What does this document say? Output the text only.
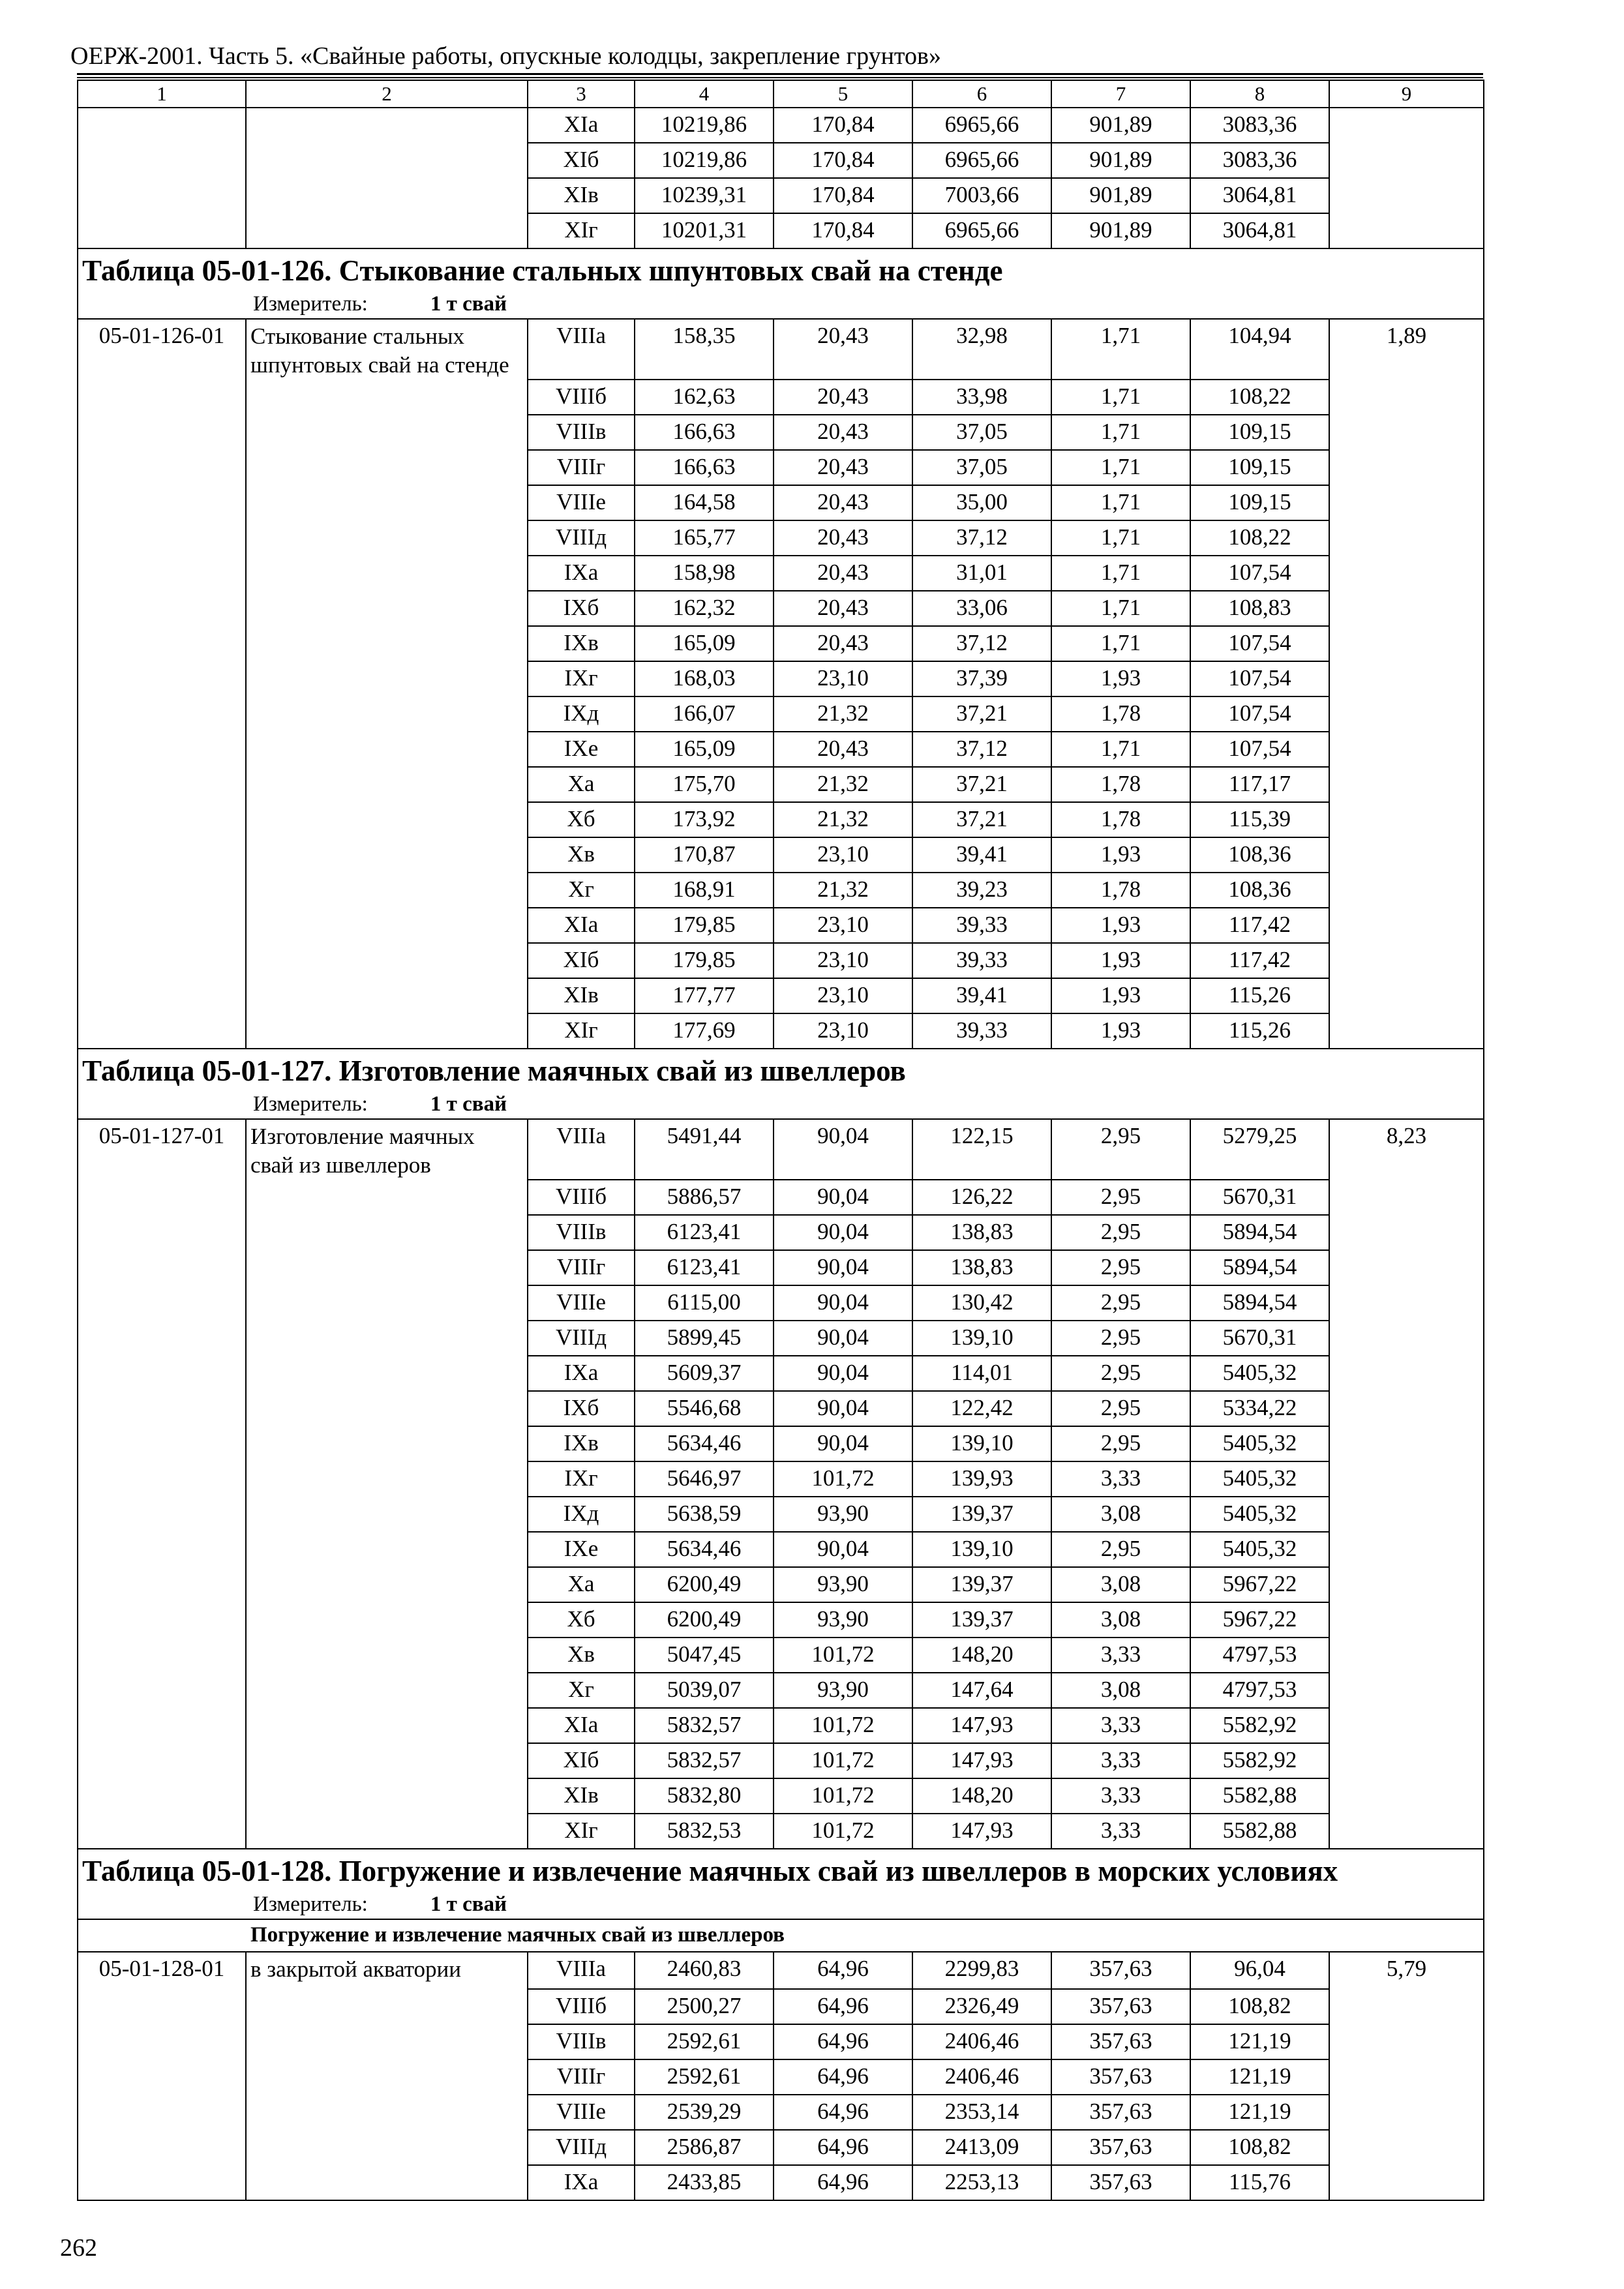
ОЕРЖ-2001. Часть 5. «Свайные работы, опускные колодцы, закрепление грунтов»
1	2	3	4	5	6	7	8	9
		XIа	10219,86	170,84	6965,66	901,89	3083,36	
		XIб	10219,86	170,84	6965,66	901,89	3083,36	
		XIв	10239,31	170,84	7003,66	901,89	3064,81	
		XIг	10201,31	170,84	6965,66	901,89	3064,81	
Таблица 05-01-126. Стыкование стальных шпунтовых свай на стенде								
Измеритель: 1 т свай								
05-01-126-01	Стыкование стальных шпунтовых свай на стенде	VIIIа	158,35	20,43	32,98	1,71	104,94	1,89
		VIIIб	162,63	20,43	33,98	1,71	108,22	
		VIIIв	166,63	20,43	37,05	1,71	109,15	
		VIIIг	166,63	20,43	37,05	1,71	109,15	
		VIIIе	164,58	20,43	35,00	1,71	109,15	
		VIIIд	165,77	20,43	37,12	1,71	108,22	
		IXа	158,98	20,43	31,01	1,71	107,54	
		IXб	162,32	20,43	33,06	1,71	108,83	
		IXв	165,09	20,43	37,12	1,71	107,54	
		IXг	168,03	23,10	37,39	1,93	107,54	
		IXд	166,07	21,32	37,21	1,78	107,54	
		IXе	165,09	20,43	37,12	1,71	107,54	
		Xа	175,70	21,32	37,21	1,78	117,17	
		Xб	173,92	21,32	37,21	1,78	115,39	
		Xв	170,87	23,10	39,41	1,93	108,36	
		Xг	168,91	21,32	39,23	1,78	108,36	
		XIа	179,85	23,10	39,33	1,93	117,42	
		XIб	179,85	23,10	39,33	1,93	117,42	
		XIв	177,77	23,10	39,41	1,93	115,26	
		XIг	177,69	23,10	39,33	1,93	115,26	
Таблица 05-01-127. Изготовление маячных свай из швеллеров								
Измеритель: 1 т свай								
05-01-127-01	Изготовление маячных свай из швеллеров	VIIIа	5491,44	90,04	122,15	2,95	5279,25	8,23
		VIIIб	5886,57	90,04	126,22	2,95	5670,31	
		VIIIв	6123,41	90,04	138,83	2,95	5894,54	
		VIIIг	6123,41	90,04	138,83	2,95	5894,54	
		VIIIе	6115,00	90,04	130,42	2,95	5894,54	
		VIIIд	5899,45	90,04	139,10	2,95	5670,31	
		IXа	5609,37	90,04	114,01	2,95	5405,32	
		IXб	5546,68	90,04	122,42	2,95	5334,22	
		IXв	5634,46	90,04	139,10	2,95	5405,32	
		IXг	5646,97	101,72	139,93	3,33	5405,32	
		IXд	5638,59	93,90	139,37	3,08	5405,32	
		IXе	5634,46	90,04	139,10	2,95	5405,32	
		Xа	6200,49	93,90	139,37	3,08	5967,22	
		Xб	6200,49	93,90	139,37	3,08	5967,22	
		Xв	5047,45	101,72	148,20	3,33	4797,53	
		Xг	5039,07	93,90	147,64	3,08	4797,53	
		XIа	5832,57	101,72	147,93	3,33	5582,92	
		XIб	5832,57	101,72	147,93	3,33	5582,92	
		XIв	5832,80	101,72	148,20	3,33	5582,88	
		XIг	5832,53	101,72	147,93	3,33	5582,88	
Таблица 05-01-128. Погружение и извлечение маячных свай из швеллеров в морских условиях								
Измеритель: 1 т свай								
Погружение и извлечение маячных свай из швеллеров								
05-01-128-01	в закрытой акватории	VIIIа	2460,83	64,96	2299,83	357,63	96,04	5,79
		VIIIб	2500,27	64,96	2326,49	357,63	108,82	
		VIIIв	2592,61	64,96	2406,46	357,63	121,19	
		VIIIг	2592,61	64,96	2406,46	357,63	121,19	
		VIIIе	2539,29	64,96	2353,14	357,63	121,19	
		VIIIд	2586,87	64,96	2413,09	357,63	108,82	
		IXа	2433,85	64,96	2253,13	357,63	115,76	
262
